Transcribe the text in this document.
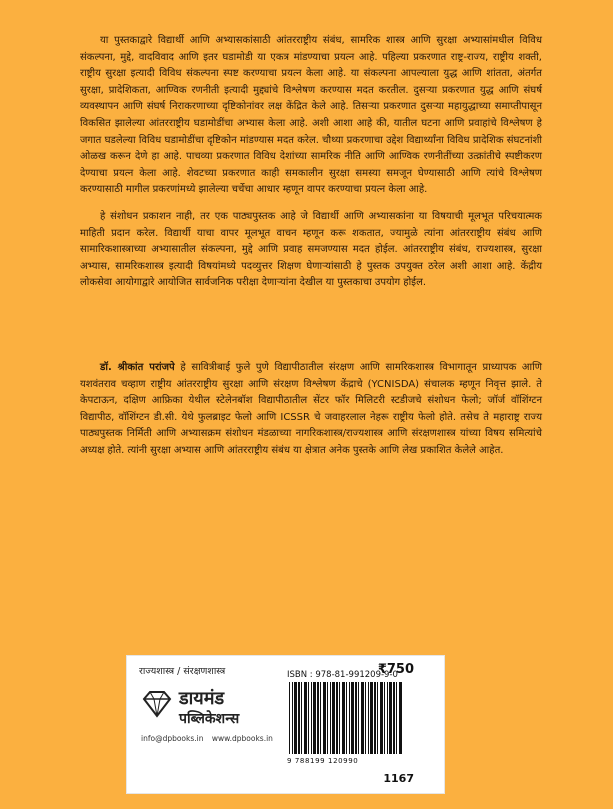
या पुस्तकाद्वारे विद्यार्थी आणि अभ्यासकांसाठी आंतरराष्ट्रीय संबंध, सामरिक शास्त्र आणि सुरक्षा अभ्यासांमधील विविध संकल्पना, मुद्दे, वादविवाद आणि इतर घडामोडी या एकत्र मांडण्याचा प्रयत्न आहे. पहिल्या प्रकरणात राष्ट्र-राज्य, राष्ट्रीय शक्ती, राष्ट्रीय सुरक्षा इत्यादी विविध संकल्पना स्पष्ट करण्याचा प्रयत्न केला आहे. या संकल्पना आपल्याला युद्ध आणि शांतता, अंतर्गत सुरक्षा, प्रादेशिकता, आण्विक रणनीती इत्यादी मुद्द्यांचे विश्लेषण करण्यास मदत करतील. दुसऱ्या प्रकरणात युद्ध आणि संघर्ष व्यवस्थापन आणि संघर्ष निराकरणाच्या दृष्टिकोनांवर लक्ष केंद्रित केले आहे. तिसऱ्या प्रकरणात दुसऱ्या महायुद्धाच्या समाप्तीपासून विकसित झालेल्या आंतरराष्ट्रीय घडामोडींचा अभ्यास केला आहे. अशी आशा आहे की, यातील घटना आणि प्रवाहांचे विश्लेषण हे जगात घडलेल्या विविध घडामोडींचा दृष्टिकोन मांडण्यास मदत करेल. चौथ्या प्रकरणाचा उद्देश विद्यार्थ्यांना विविध प्रादेशिक संघटनांशी ओळख करून देणे हा आहे. पाचव्या प्रकरणात विविध देशांच्या सामरिक नीति आणि आण्विक रणनीतींच्या उत्क्रांतीचे स्पष्टीकरण देण्याचा प्रयत्न केला आहे. शेवटच्या प्रकरणात काही समकालीन सुरक्षा समस्या समजून घेण्यासाठी आणि त्यांचे विश्लेषण करण्यासाठी मागील प्रकरणांमध्ये झालेल्या चर्चेचा आधार म्हणून वापर करण्याचा प्रयत्न केला आहे.

हे संशोधन प्रकाशन नाही, तर एक पाठ्यपुस्तक आहे जे विद्यार्थी आणि अभ्यासकांना या विषयाची मूलभूत परिचयात्मक माहिती प्रदान करेल. विद्यार्थी याचा वापर मूलभूत वाचन म्हणून करू शकतात, ज्यामुळे त्यांना आंतरराष्ट्रीय संबंध आणि सामारिकशास्त्राच्या अभ्यासातील संकल्पना, मुद्दे आणि प्रवाह समजण्यास मदत होईल. आंतरराष्ट्रीय संबंध, राज्यशास्त्र, सुरक्षा अभ्यास, सामरिकशास्त्र इत्यादी विषयांमध्ये पदव्युत्तर शिक्षण घेणाऱ्यांसाठी हे पुस्तक उपयुक्त ठरेल अशी आशा आहे. केंद्रीय लोकसेवा आयोगाद्वारे आयोजित सार्वजनिक परीक्षा देणाऱ्यांना देखील या पुस्तकाचा उपयोग होईल.

डॉ. श्रीकांत परांजपे हे सावित्रीबाई फुले पुणे विद्यापीठातील संरक्षण आणि सामरिकशास्त्र विभागातून प्राध्यापक आणि यशवंतराव चव्हाण राष्ट्रीय आंतरराष्ट्रीय सुरक्षा आणि संरक्षण विश्लेषण केंद्राचे (YCNISDA) संचालक म्हणून निवृत्त झाले. ते केपटाऊन, दक्षिण आफ्रिका येथील स्टेलेनबॉश विद्यापीठातील सेंटर फॉर मिलिटरी स्टडीजचे संशोधन फेलो; जॉर्ज वॉशिंग्टन विद्यापीठ, वॉशिंग्टन डी.सी. येथे फुलब्राइट फेलो आणि ICSSR चे जवाहरलाल नेहरू राष्ट्रीय फेलो होते. तसेच ते महाराष्ट्र राज्य पाठ्यपुस्तक निर्मिती आणि अभ्यासक्रम संशोधन मंडळाच्या नागरिकशास्त्र/राज्यशास्त्र आणि संरक्षणशास्त्र यांच्या विषय समित्यांचे अध्यक्ष होते. त्यांनी सुरक्षा अभ्यास आणि आंतरराष्ट्रीय संबंध या क्षेत्रात अनेक पुस्तके आणि लेख प्रकाशित केलेले आहेत.

राज्यशास्त्र / संरक्षणशास्त्र
डायमंड
पब्लिकेशन्स
info@dpbooks.in www.dpbooks.in
ISBN : 978-81-991209-9-0
9 788199 120990
₹750
1167
